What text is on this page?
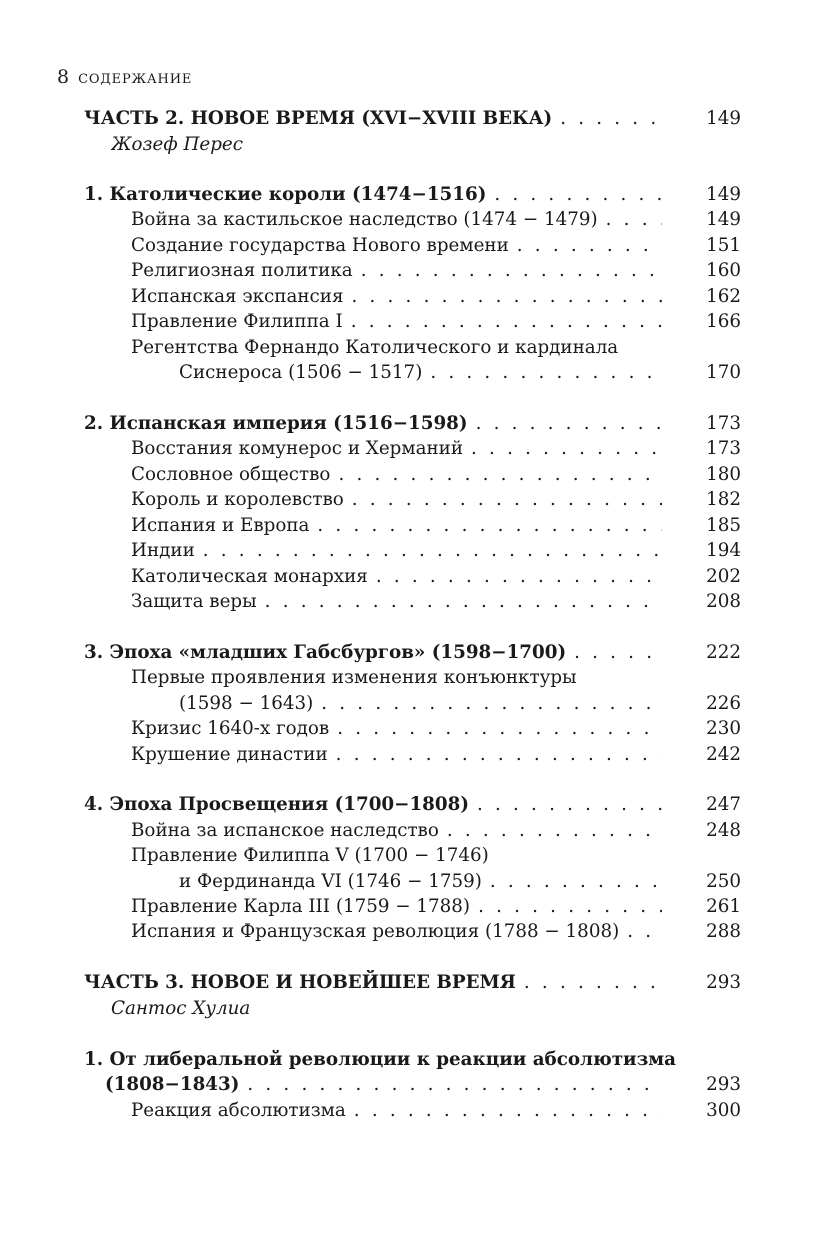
8 СОДЕРЖАНИЕ
ЧАСТЬ 2. НОВОЕ ВРЕМЯ (XVI−XVIII ВЕКА) . . .	149
Жозеф Перес
1. Католические короли (1474−1516) . . .	149
Война за кастильское наследство (1474 − 1479) . . .	149
Создание государства Нового времени . . .	151
Религиозная политика . . .	160
Испанская экспансия . . .	162
Правление Филиппа I . . .	166
Регентства Фернандо Католического и кардинала
Сиснероса (1506 − 1517) . . .	170
2. Испанская империя (1516−1598) . . .	173
Восстания комунерос и Херманий . . .	173
Сословное общество . . .	180
Король и королевство . . .	182
Испания и Европа . . .	185
Индии . . .	194
Католическая монархия . . .	202
Защита веры . . .	208
3. Эпоха «младших Габсбургов» (1598−1700) . . .	222
Первые проявления изменения конъюнктуры
(1598 − 1643) . . .	226
Кризис 1640-х годов . . .	230
Крушение династии . . .	242
4. Эпоха Просвещения (1700−1808) . . .	247
Война за испанское наследство . . .	248
Правление Филиппа V (1700 − 1746)
и Фердинанда VI (1746 − 1759) . . .	250
Правление Карла III (1759 − 1788) . . .	261
Испания и Французская революция (1788 − 1808) . . .	288
ЧАСТЬ 3. НОВОЕ И НОВЕЙШЕЕ ВРЕМЯ . . .	293
Сантос Хулиа
1. От либеральной революции к реакции абсолютизма
(1808−1843) . . .	293
Реакция абсолютизма . . .	300
